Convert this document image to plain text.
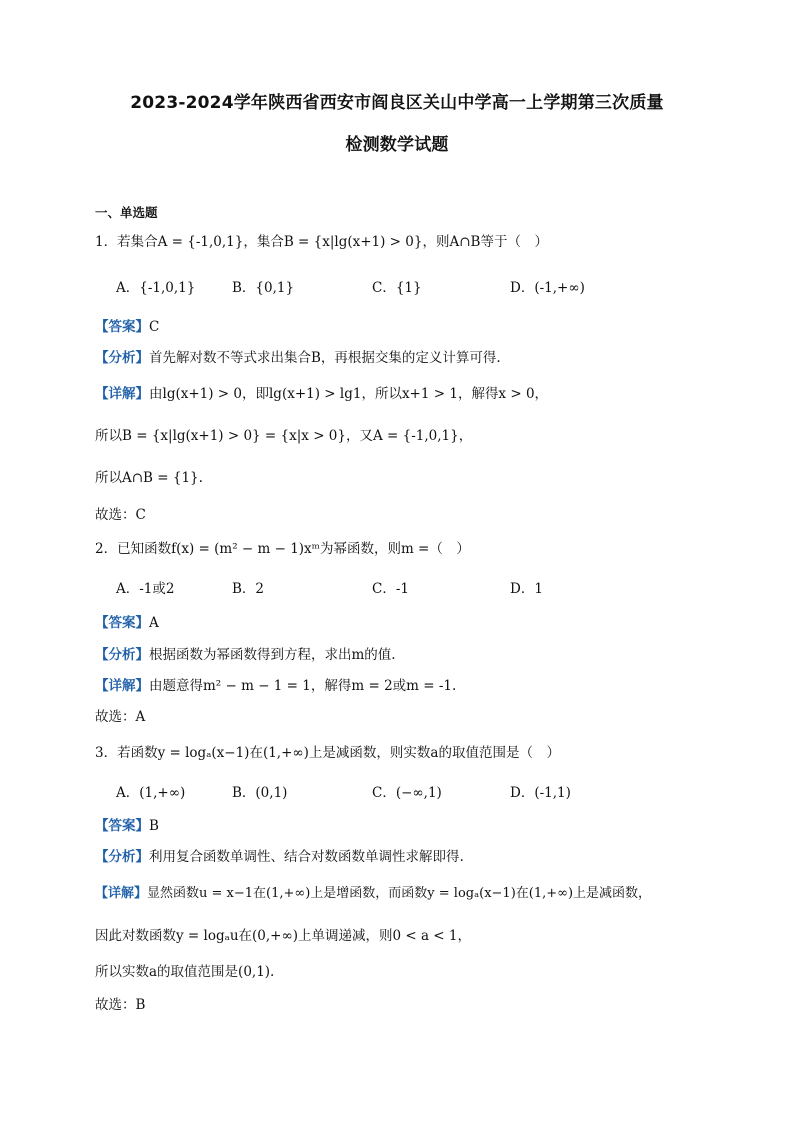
2023-2024学年陕西省西安市阎良区关山中学高一上学期第三次质量
检测数学试题
一、单选题
1．若集合A = {-1,0,1}，集合B = {x|lg(x+1) > 0}，则A∩B等于（　）
A．{-1,0,1}	B．{0,1}	C．{1}	D．(-1,+∞)
【答案】C
【分析】首先解对数不等式求出集合B，再根据交集的定义计算可得.
【详解】由lg(x+1) > 0，即lg(x+1) > lg1，所以x+1 > 1，解得x > 0，
所以B = {x|lg(x+1) > 0} = {x|x > 0}，又A = {-1,0,1}，
所以A∩B = {1}.
故选：C
2．已知函数f(x) = (m² − m − 1)xᵐ为幂函数，则m =（　）
A．-1或2	B．2	C．-1	D．1
【答案】A
【分析】根据函数为幂函数得到方程，求出m的值.
【详解】由题意得m² − m − 1 = 1，解得m = 2或m = -1.
故选：A
3．若函数y = logₐ(x−1)在(1,+∞)上是减函数，则实数a的取值范围是（　）
A．(1,+∞)	B．(0,1)	C．(−∞,1)	D．(-1,1)
【答案】B
【分析】利用复合函数单调性、结合对数函数单调性求解即得.
【详解】显然函数u = x−1在(1,+∞)上是增函数，而函数y = logₐ(x−1)在(1,+∞)上是减函数，
因此对数函数y = logₐu在(0,+∞)上单调递减，则0 < a < 1，
所以实数a的取值范围是(0,1).
故选：B
